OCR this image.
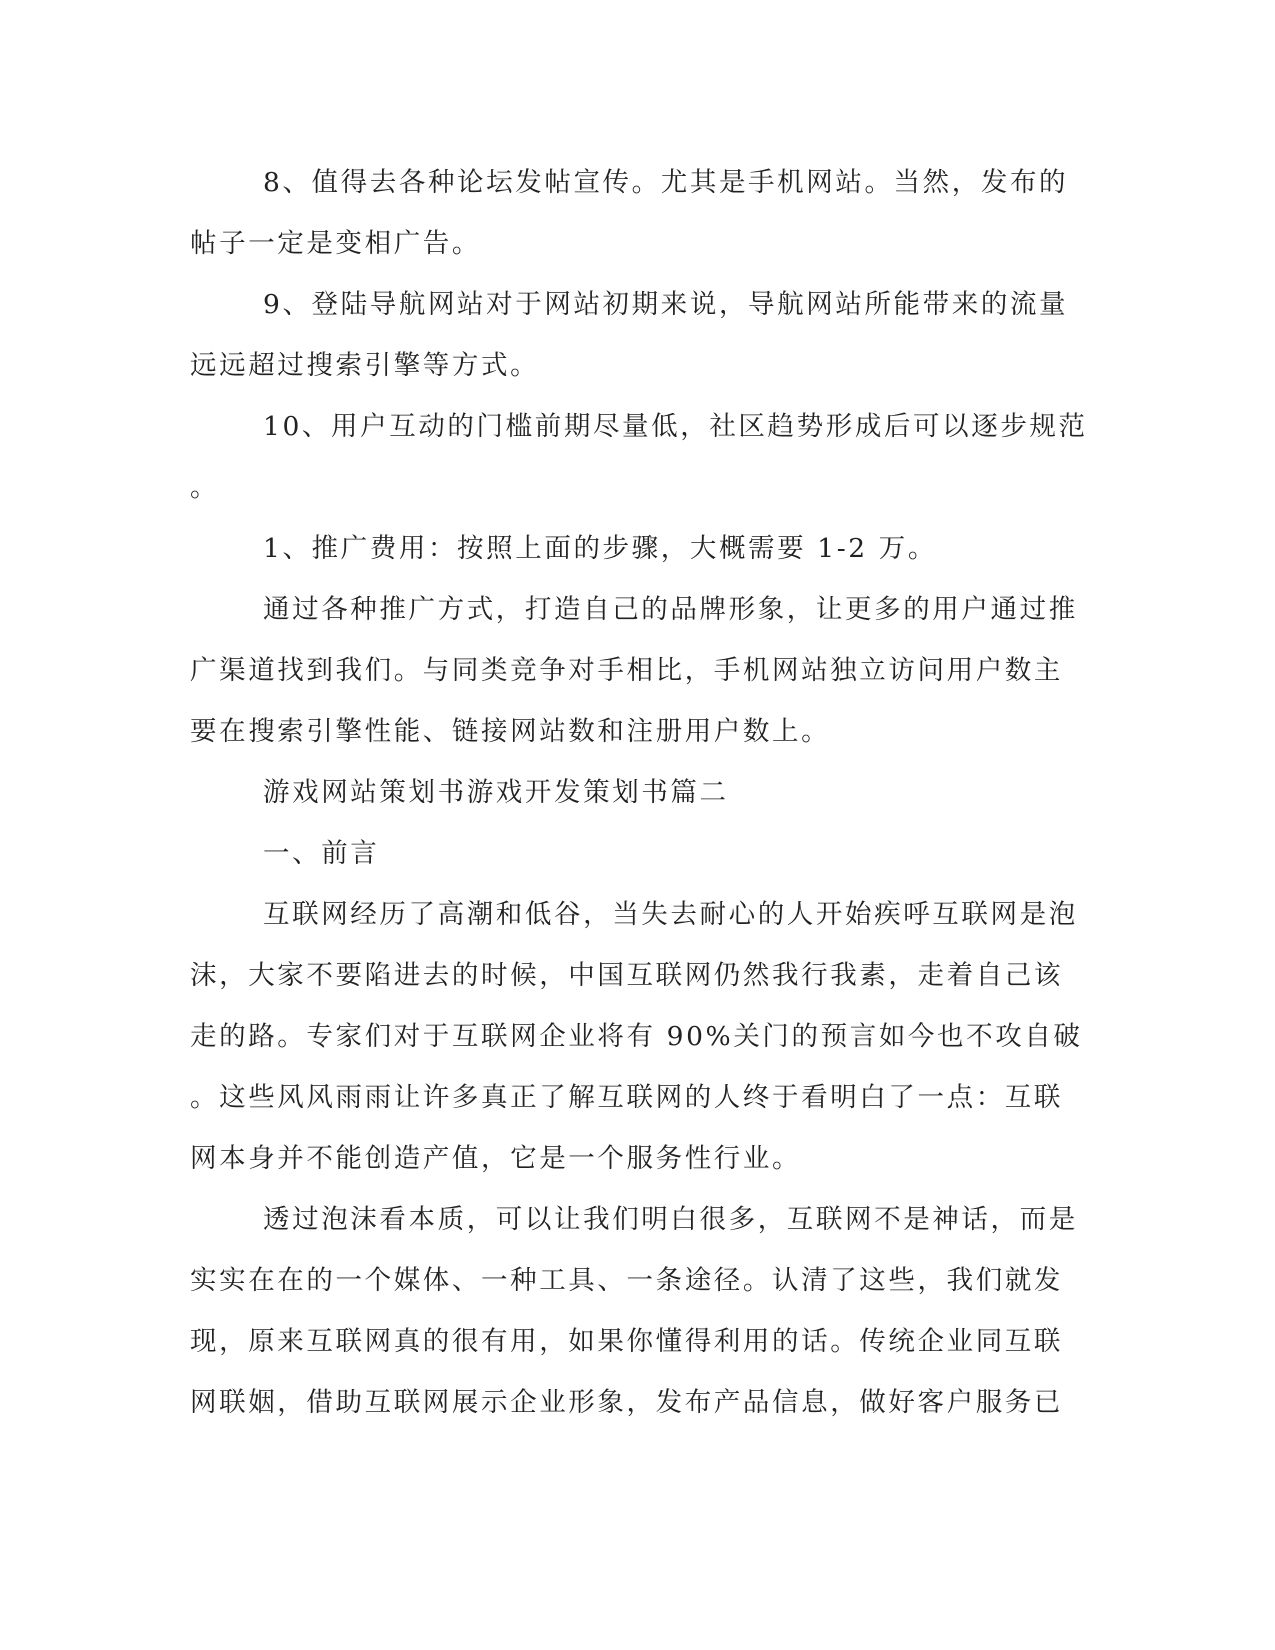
8、值得去各种论坛发帖宣传。尤其是手机网站。当然，发布的
帖子一定是变相广告。
9、登陆导航网站对于网站初期来说，导航网站所能带来的流量
远远超过搜索引擎等方式。
10、用户互动的门槛前期尽量低，社区趋势形成后可以逐步规范
。
1、推广费用：按照上面的步骤，大概需要 1-2 万。
通过各种推广方式，打造自己的品牌形象，让更多的用户通过推
广渠道找到我们。与同类竞争对手相比，手机网站独立访问用户数主
要在搜索引擎性能、链接网站数和注册用户数上。
游戏网站策划书游戏开发策划书篇二
一、前言
互联网经历了高潮和低谷，当失去耐心的人开始疾呼互联网是泡
沫，大家不要陷进去的时候，中国互联网仍然我行我素，走着自己该
走的路。专家们对于互联网企业将有 90%关门的预言如今也不攻自破
。这些风风雨雨让许多真正了解互联网的人终于看明白了一点：互联
网本身并不能创造产值，它是一个服务性行业。
透过泡沫看本质，可以让我们明白很多，互联网不是神话，而是
实实在在的一个媒体、一种工具、一条途径。认清了这些，我们就发
现，原来互联网真的很有用，如果你懂得利用的话。传统企业同互联
网联姻，借助互联网展示企业形象，发布产品信息，做好客户服务已
